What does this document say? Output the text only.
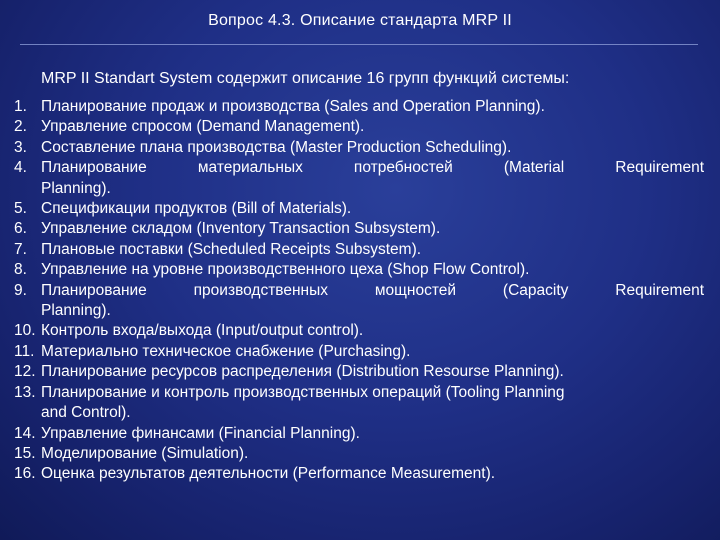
Вопрос 4.3. Описание стандарта MRP II
MRP II Standart System содержит описание 16 групп функций системы:
1. Планирование продаж и производства (Sales and Operation Planning).
2. Управление спросом (Demand Management).
3. Составление плана производства (Master Production Scheduling).
4. Планирование материальных потребностей (Material Requirement
Planning).
5. Спецификации продуктов (Bill of Materials).
6. Управление складом (Inventory Transaction Subsystem).
7. Плановые поставки (Scheduled Receipts Subsystem).
8. Управление на уровне производственного цеха (Shop Flow Control).
9. Планирование производственных мощностей (Capacity Requirement
Planning).
10. Контроль входа/выхода (Input/output control).
11. Материально техническое снабжение (Purchasing).
12. Планирование ресурсов распределения (Distribution Resourse Planning).
13. Планирование и контроль производственных операций (Tooling Planning
and Control).
14. Управление финансами (Financial Planning).
15. Моделирование (Simulation).
16. Оценка результатов деятельности (Performance Measurement).
